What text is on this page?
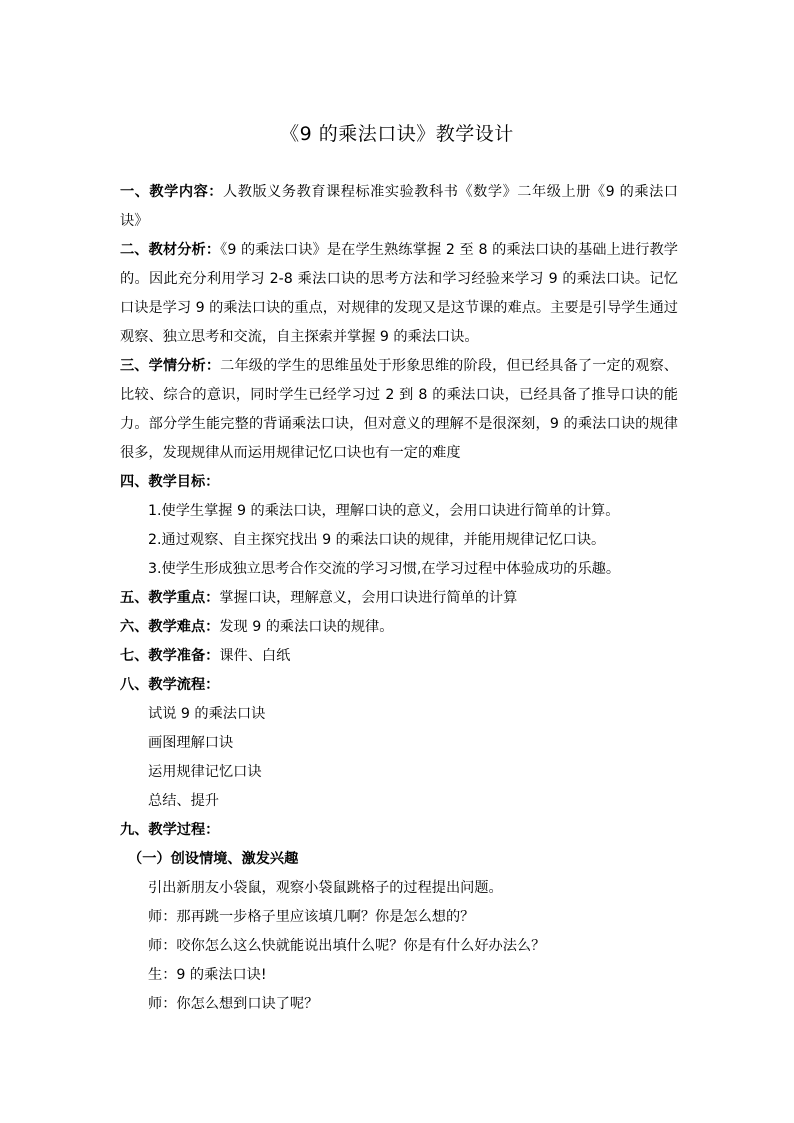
《9 的乘法口诀》教学设计

一、教学内容：人教版义务教育课程标准实验教科书《数学》二年级上册《9 的乘法口诀》

二、教材分析：《9 的乘法口诀》是在学生熟练掌握 2 至 8 的乘法口诀的基础上进行教学的。因此充分利用学习 2-8 乘法口诀的思考方法和学习经验来学习 9 的乘法口诀。记忆口诀是学习 9 的乘法口诀的重点，对规律的发现又是这节课的难点。主要是引导学生通过观察、独立思考和交流，自主探索并掌握 9 的乘法口诀。

三、学情分析：二年级的学生的思维虽处于形象思维的阶段，但已经具备了一定的观察、比较、综合的意识，同时学生已经学习过 2 到 8 的乘法口诀，已经具备了推导口诀的能力。部分学生能完整的背诵乘法口诀，但对意义的理解不是很深刻，9 的乘法口诀的规律很多，发现规律从而运用规律记忆口诀也有一定的难度

四、教学目标：

1.使学生掌握 9 的乘法口诀，理解口诀的意义，会用口诀进行简单的计算。

2.通过观察、自主探究找出 9 的乘法口诀的规律，并能用规律记忆口诀。

3.使学生形成独立思考合作交流的学习习惯,在学习过程中体验成功的乐趣。

五、教学重点：掌握口诀，理解意义，会用口诀进行简单的计算

六、教学难点：发现 9 的乘法口诀的规律。

七、教学准备：课件、白纸

八、教学流程：

试说 9 的乘法口诀

画图理解口诀

运用规律记忆口诀

总结、提升

九、教学过程：

（一）创设情境、激发兴趣

引出新朋友小袋鼠，观察小袋鼠跳格子的过程提出问题。

师：那再跳一步格子里应该填几啊？你是怎么想的？

师：咬你怎么这么快就能说出填什么呢？你是有什么好办法么？

生：9 的乘法口诀!

师：你怎么想到口诀了呢？
